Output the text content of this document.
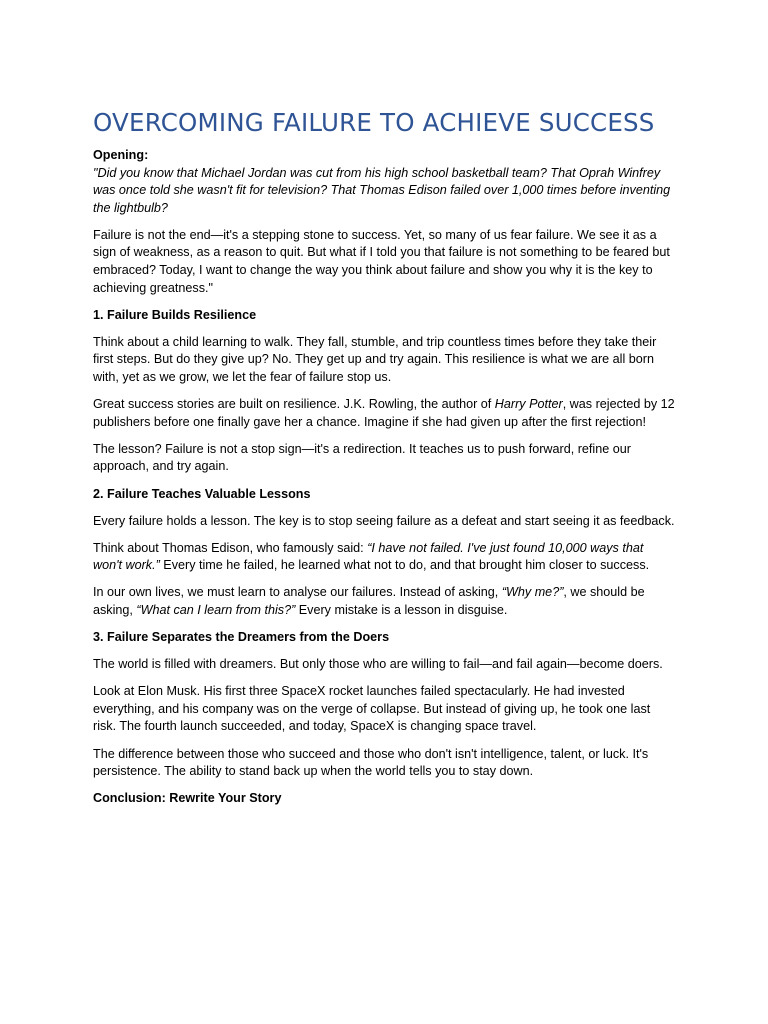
OVERCOMING FAILURE TO ACHIEVE SUCCESS

Opening:

"Did you know that Michael Jordan was cut from his high school basketball team? That Oprah Winfrey was once told she wasn't fit for television? That Thomas Edison failed over 1,000 times before inventing the lightbulb?

Failure is not the end—it's a stepping stone to success. Yet, so many of us fear failure. We see it as a sign of weakness, as a reason to quit. But what if I told you that failure is not something to be feared but embraced? Today, I want to change the way you think about failure and show you why it is the key to achieving greatness."

1. Failure Builds Resilience

Think about a child learning to walk. They fall, stumble, and trip countless times before they take their first steps. But do they give up? No. They get up and try again. This resilience is what we are all born with, yet as we grow, we let the fear of failure stop us.

Great success stories are built on resilience. J.K. Rowling, the author of Harry Potter, was rejected by 12 publishers before one finally gave her a chance. Imagine if she had given up after the first rejection!

The lesson? Failure is not a stop sign—it's a redirection. It teaches us to push forward, refine our approach, and try again.

2. Failure Teaches Valuable Lessons

Every failure holds a lesson. The key is to stop seeing failure as a defeat and start seeing it as feedback.

Think about Thomas Edison, who famously said: “I have not failed. I've just found 10,000 ways that won't work.” Every time he failed, he learned what not to do, and that brought him closer to success.

In our own lives, we must learn to analyse our failures. Instead of asking, “Why me?”, we should be asking, “What can I learn from this?” Every mistake is a lesson in disguise.

3. Failure Separates the Dreamers from the Doers

The world is filled with dreamers. But only those who are willing to fail—and fail again—become doers.

Look at Elon Musk. His first three SpaceX rocket launches failed spectacularly. He had invested everything, and his company was on the verge of collapse. But instead of giving up, he took one last risk. The fourth launch succeeded, and today, SpaceX is changing space travel.

The difference between those who succeed and those who don't isn't intelligence, talent, or luck. It's persistence. The ability to stand back up when the world tells you to stay down.

Conclusion: Rewrite Your Story
